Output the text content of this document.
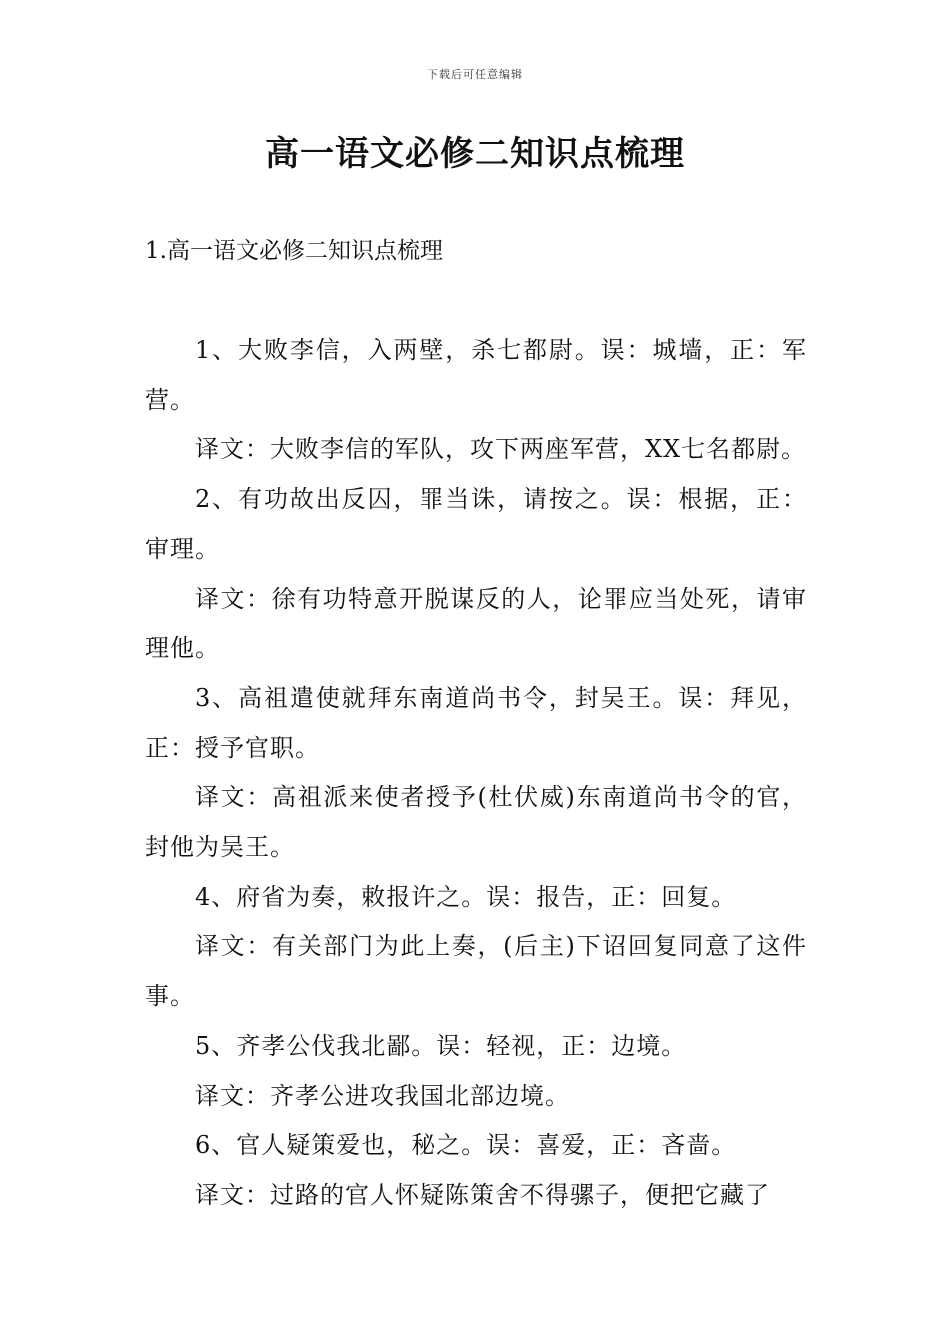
下载后可任意编辑
高一语文必修二知识点梳理
1.高一语文必修二知识点梳理

1、大败李信，入两壁，杀七都尉。误：城墙，正：军营。

译文：大败李信的军队，攻下两座军营，XX七名都尉。

2、有功故出反囚，罪当诛，请按之。误：根据，正：审理。

译文：徐有功特意开脱谋反的人，论罪应当处死，请审理他。

3、高祖遣使就拜东南道尚书令，封吴王。误：拜见，正：授予官职。

译文：高祖派来使者授予(杜伏威)东南道尚书令的官，封他为吴王。

4、府省为奏，敕报许之。误：报告，正：回复。

译文：有关部门为此上奏，(后主)下诏回复同意了这件事。

5、齐孝公伐我北鄙。误：轻视，正：边境。

译文：齐孝公进攻我国北部边境。

6、官人疑策爱也，秘之。误：喜爱，正：吝啬。

译文：过路的官人怀疑陈策舍不得骡子，便把它藏了
